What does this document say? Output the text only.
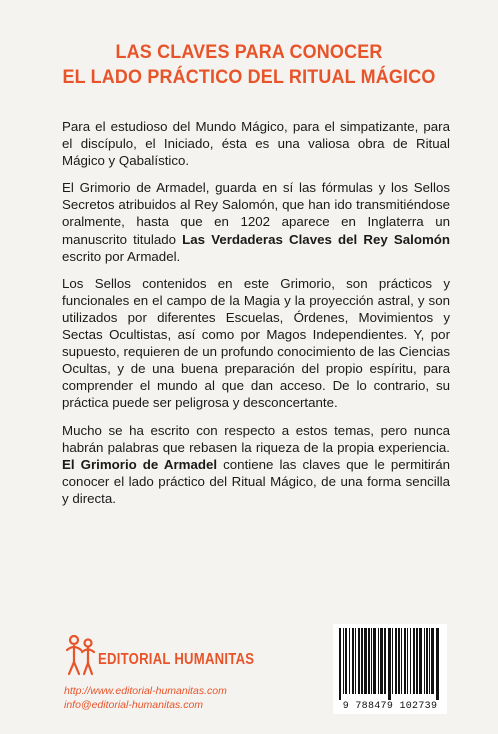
LAS CLAVES PARA CONOCER
EL LADO PRÁCTICO DEL RITUAL MÁGICO

Para el estudioso del Mundo Mágico, para el simpatizante, para el discípulo, el Iniciado, ésta es una valiosa obra de Ritual Mágico y Qabalístico.

El Grimorio de Armadel, guarda en sí las fórmulas y los Sellos Secretos atribuidos al Rey Salomón, que han ido transmitiéndose oralmente, hasta que en 1202 aparece en Inglaterra un manuscrito titulado Las Verdaderas Claves del Rey Salomón escrito por Armadel.

Los Sellos contenidos en este Grimorio, son prácticos y funcionales en el campo de la Magia y la proyección astral, y son utilizados por diferentes Escuelas, Órdenes, Movimientos y Sectas Ocultistas, así como por Magos Independientes. Y, por supuesto, requieren de un profundo conocimiento de las Ciencias Ocultas, y de una buena preparación del propio espíritu, para comprender el mundo al que dan acceso. De lo contrario, su práctica puede ser peligrosa y desconcertante.

Mucho se ha escrito con respecto a estos temas, pero nunca habrán palabras que rebasen la riqueza de la propia experiencia. El Grimorio de Armadel contiene las claves que le permitirán conocer el lado práctico del Ritual Mágico, de una forma sencilla y directa.

EDITORIAL HUMANITAS
http://www.editorial-humanitas.com
info@editorial-humanitas.com	9 788479 102739
